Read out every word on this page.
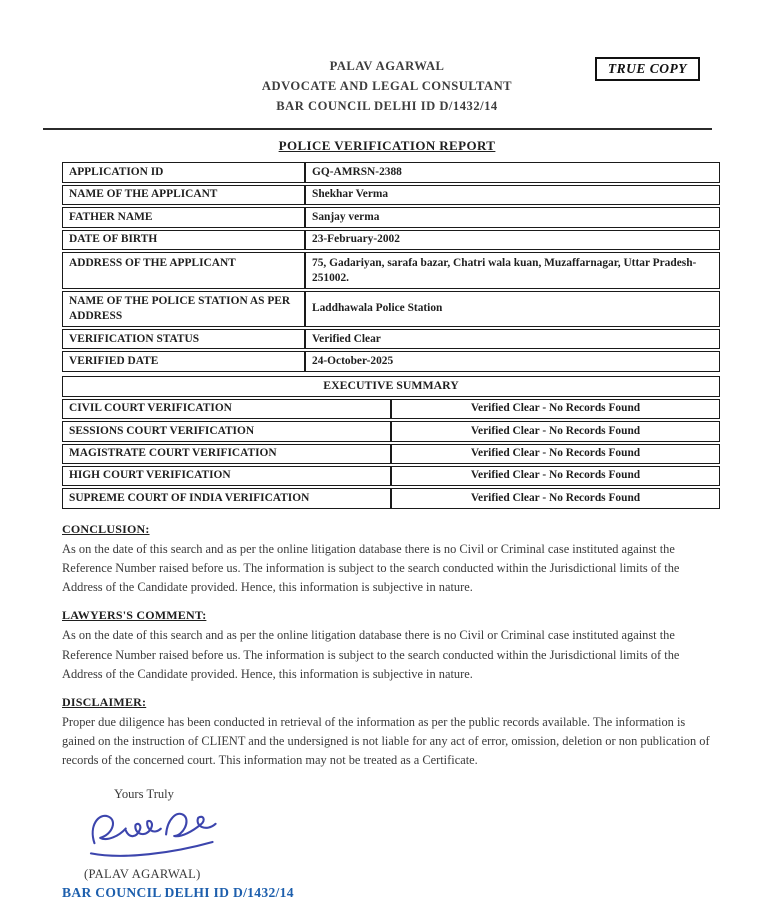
TRUE COPY
PALAV AGARWAL
ADVOCATE AND LEGAL CONSULTANT
BAR COUNCIL DELHI ID D/1432/14
POLICE VERIFICATION REPORT
APPLICATION ID	GQ-AMRSN-2388
NAME OF THE APPLICANT	Shekhar Verma
FATHER NAME	Sanjay verma
DATE OF BIRTH	23-February-2002
ADDRESS OF THE APPLICANT	75, Gadariyan, sarafa bazar, Chatri wala kuan, Muzaffarnagar, Uttar Pradesh-251002.
NAME OF THE POLICE STATION AS PER ADDRESS	Laddhawala Police Station
VERIFICATION STATUS	Verified Clear
VERIFIED DATE	24-October-2025
EXECUTIVE SUMMARY	
CIVIL COURT VERIFICATION	Verified Clear - No Records Found
SESSIONS COURT VERIFICATION	Verified Clear - No Records Found
MAGISTRATE COURT VERIFICATION	Verified Clear - No Records Found
HIGH COURT VERIFICATION	Verified Clear - No Records Found
SUPREME COURT OF INDIA VERIFICATION	Verified Clear - No Records Found
CONCLUSION:
As on the date of this search and as per the online litigation database there is no Civil or Criminal case instituted against the Reference Number raised before us. The information is subject to the search conducted within the Jurisdictional limits of the Address of the Candidate provided. Hence, this information is subjective in nature.
LAWYERS'S COMMENT:
As on the date of this search and as per the online litigation database there is no Civil or Criminal case instituted against the Reference Number raised before us. The information is subject to the search conducted within the Jurisdictional limits of the Address of the Candidate provided. Hence, this information is subjective in nature.
DISCLAIMER:
Proper due diligence has been conducted in retrieval of the information as per the public records available. The information is gained on the instruction of CLIENT and the undersigned is not liable for any act of error, omission, deletion or non publication of records of the concerned court. This information may not be treated as a Certificate.
Yours Truly
(PALAV AGARWAL)
BAR COUNCIL DELHI ID D/1432/14
